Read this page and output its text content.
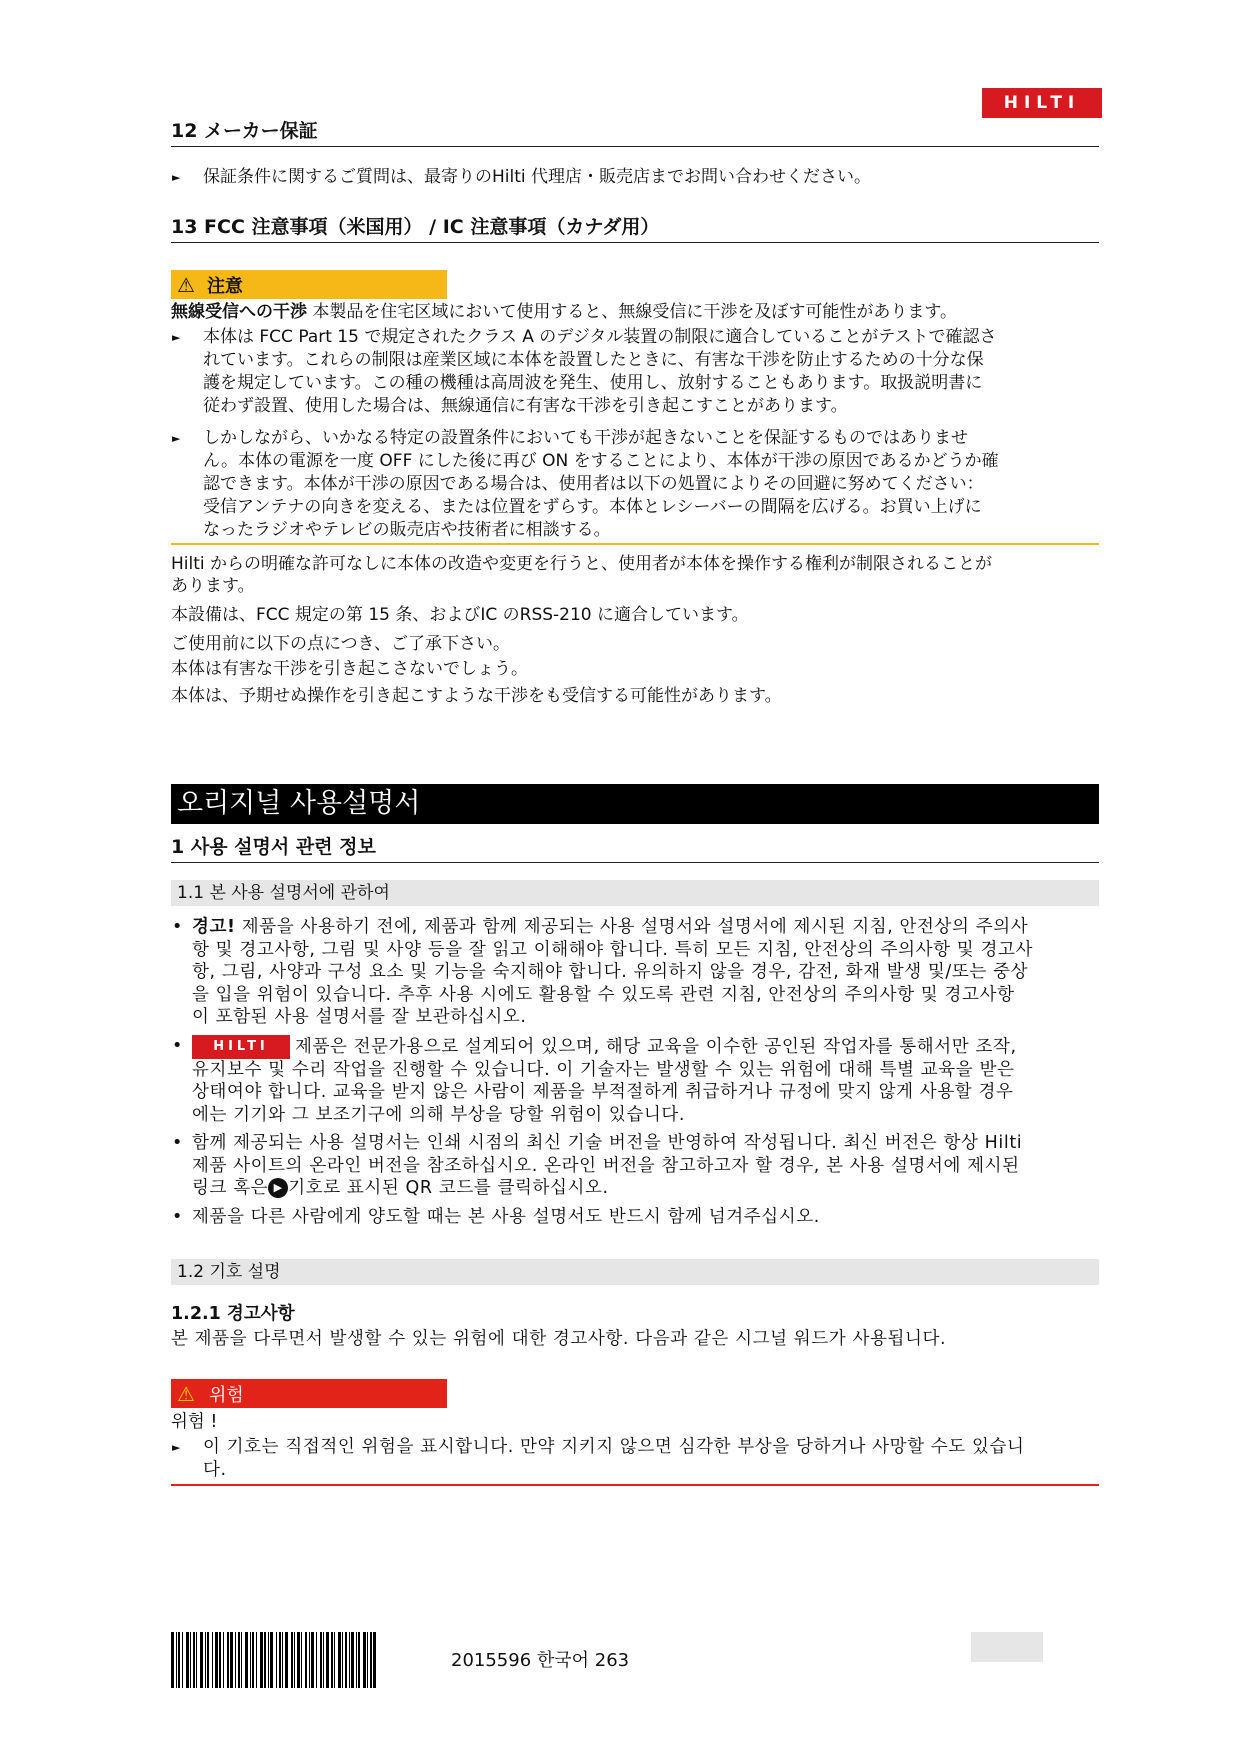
HILTI
12 メーカー保証
► 保証条件に関するご質問は、最寄りのHilti 代理店・販売店までお問い合わせください。
13 FCC 注意事項（米国用） / IC 注意事項（カナダ用）
⚠ 注意
無線受信への干渉 本製品を住宅区域において使用すると、無線受信に干渉を及ぼす可能性があります。
► 本体は FCC Part 15 で規定されたクラス A のデジタル装置の制限に適合していることがテストで確認さ
れています。これらの制限は産業区域に本体を設置したときに、有害な干渉を防止するための十分な保
護を規定しています。この種の機種は高周波を発生、使用し、放射することもあります。取扱説明書に
従わず設置、使用した場合は、無線通信に有害な干渉を引き起こすことがあります。
► しかしながら、いかなる特定の設置条件においても干渉が起きないことを保証するものではありませ
ん。本体の電源を一度 OFF にした後に再び ON をすることにより、本体が干渉の原因であるかどうか確
認できます。本体が干渉の原因である場合は、使用者は以下の処置によりその回避に努めてください：
受信アンテナの向きを変える、または位置をずらす。本体とレシーバーの間隔を広げる。お買い上げに
なったラジオやテレビの販売店や技術者に相談する。
Hilti からの明確な許可なしに本体の改造や変更を行うと、使用者が本体を操作する権利が制限されることが
あります。
本設備は、FCC 規定の第 15 条、およびIC のRSS-210 に適合しています。
ご使用前に以下の点につき、ご了承下さい。
本体は有害な干渉を引き起こさないでしょう。
本体は、予期せぬ操作を引き起こすような干渉をも受信する可能性があります。
오리지널 사용설명서
1 사용 설명서 관련 정보
1.1 본 사용 설명서에 관하여
• 경고! 제품을 사용하기 전에, 제품과 함께 제공되는 사용 설명서와 설명서에 제시된 지침, 안전상의 주의사
항 및 경고사항, 그림 및 사양 등을 잘 읽고 이해해야 합니다. 특히 모든 지침, 안전상의 주의사항 및 경고사
항, 그림, 사양과 구성 요소 및 기능을 숙지해야 합니다. 유의하지 않을 경우, 감전, 화재 발생 및/또는 중상
을 입을 위험이 있습니다. 추후 사용 시에도 활용할 수 있도록 관련 지침, 안전상의 주의사항 및 경고사항
이 포함된 사용 설명서를 잘 보관하십시오.
•	HILTI 제품은 전문가용으로 설계되어 있으며, 해당 교육을 이수한 공인된 작업자를 통해서만 조작,
유지보수 및 수리 작업을 진행할 수 있습니다. 이 기술자는 발생할 수 있는 위험에 대해 특별 교육을 받은
상태여야 합니다. 교육을 받지 않은 사람이 제품을 부적절하게 취급하거나 규정에 맞지 않게 사용할 경우
에는 기기와 그 보조기구에 의해 부상을 당할 위험이 있습니다.
• 함께 제공되는 사용 설명서는 인쇄 시점의 최신 기술 버전을 반영하여 작성됩니다. 최신 버전은 항상 Hilti
제품 사이트의 온라인 버전을 참조하십시오. 온라인 버전을 참고하고자 할 경우, 본 사용 설명서에 제시된
링크 혹은 ▶ 기호로 표시된 QR 코드를 클릭하십시오.
• 제품을 다른 사람에게 양도할 때는 본 사용 설명서도 반드시 함께 넘겨주십시오.
1.2 기호 설명
1.2.1 경고사항
본 제품을 다루면서 발생할 수 있는 위험에 대한 경고사항. 다음과 같은 시그널 워드가 사용됩니다.
⚠ 위험
위험 !
► 이 기호는 직접적인 위험을 표시합니다. 만약 지키지 않으면 심각한 부상을 당하거나 사망할 수도 있습니
다.
2015596 한국어 263
